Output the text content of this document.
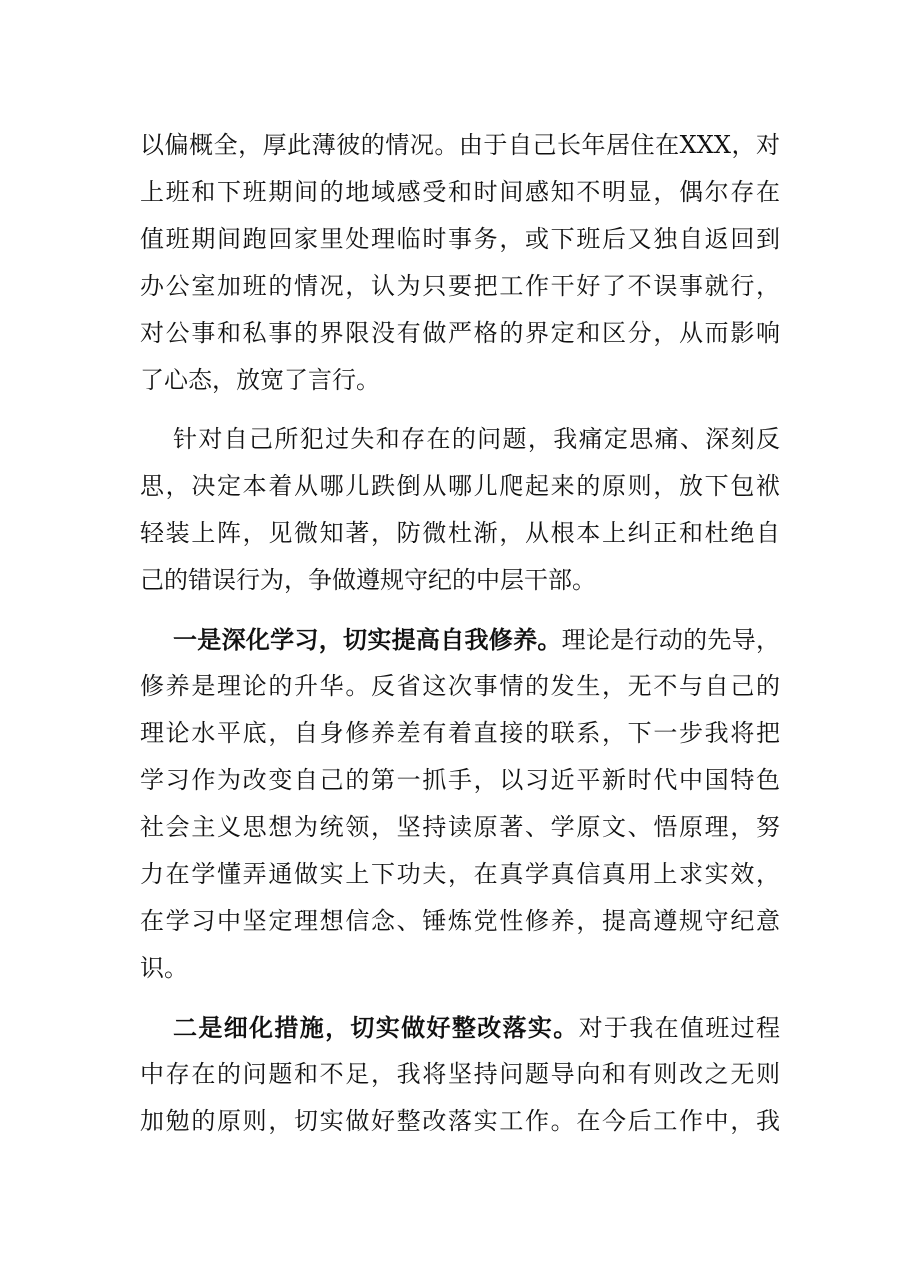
以偏概全，厚此薄彼的情况。由于自己长年居住在XXX，对
上班和下班期间的地域感受和时间感知不明显，偶尔存在
值班期间跑回家里处理临时事务，或下班后又独自返回到
办公室加班的情况，认为只要把工作干好了不误事就行，
对公事和私事的界限没有做严格的界定和区分，从而影响
了心态，放宽了言行。
针对自己所犯过失和存在的问题，我痛定思痛、深刻反
思，决定本着从哪儿跌倒从哪儿爬起来的原则，放下包袱
轻装上阵，见微知著，防微杜渐，从根本上纠正和杜绝自
己的错误行为，争做遵规守纪的中层干部。
一是深化学习，切实提高自我修养。理论是行动的先导，
修养是理论的升华。反省这次事情的发生，无不与自己的
理论水平底，自身修养差有着直接的联系，下一步我将把
学习作为改变自己的第一抓手，以习近平新时代中国特色
社会主义思想为统领，坚持读原著、学原文、悟原理，努
力在学懂弄通做实上下功夫，在真学真信真用上求实效，
在学习中坚定理想信念、锤炼党性修养，提高遵规守纪意
识。
二是细化措施，切实做好整改落实。对于我在值班过程
中存在的问题和不足，我将坚持问题导向和有则改之无则
加勉的原则，切实做好整改落实工作。在今后工作中，我
